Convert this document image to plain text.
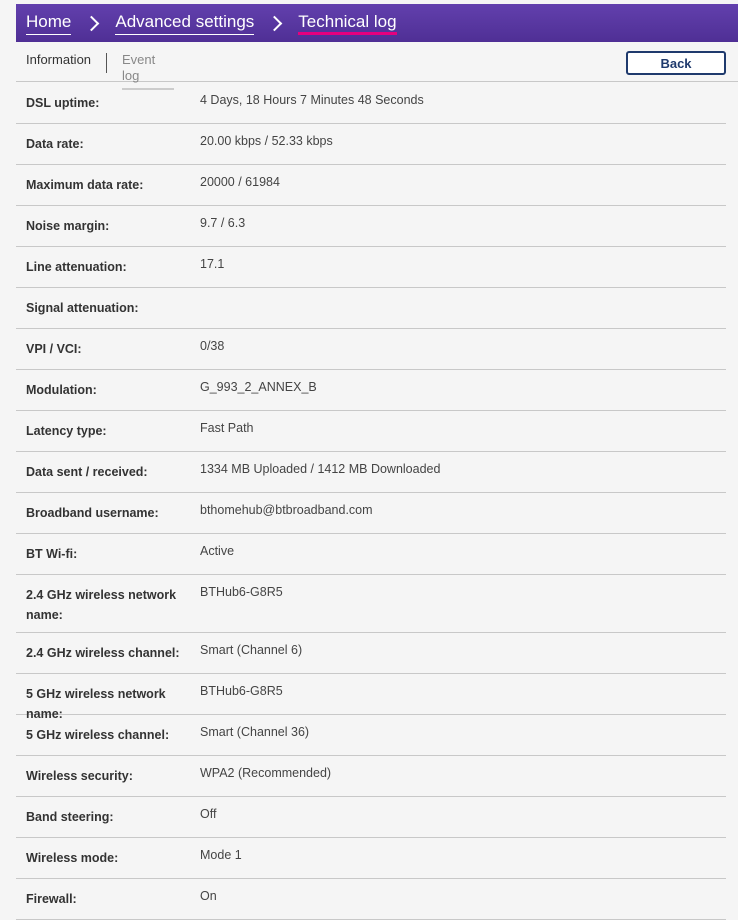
Home	Advanced settings	Technical log
Information Event log
Back
DSL uptime:	4 Days, 18 Hours 7 Minutes 48 Seconds
Data rate:	20.00 kbps / 52.33 kbps
Maximum data rate:	20000 / 61984
Noise margin:	9.7 / 6.3
Line attenuation:	17.1
Signal attenuation:
VPI / VCI:	0/38
Modulation:	G_993_2_ANNEX_B
Latency type:	Fast Path
Data sent / received:	1334 MB Uploaded / 1412 MB Downloaded
Broadband username:	bthomehub@btbroadband.com
BT Wi-fi:	Active
2.4 GHz wireless network name:
BTHub6-G8R5
2.4 GHz wireless channel:	Smart (Channel 6)
5 GHz wireless network name:
BTHub6-G8R5
5 GHz wireless channel:	Smart (Channel 36)
Wireless security:	WPA2 (Recommended)
Band steering:	Off
Wireless mode:	Mode 1
Firewall:	On
